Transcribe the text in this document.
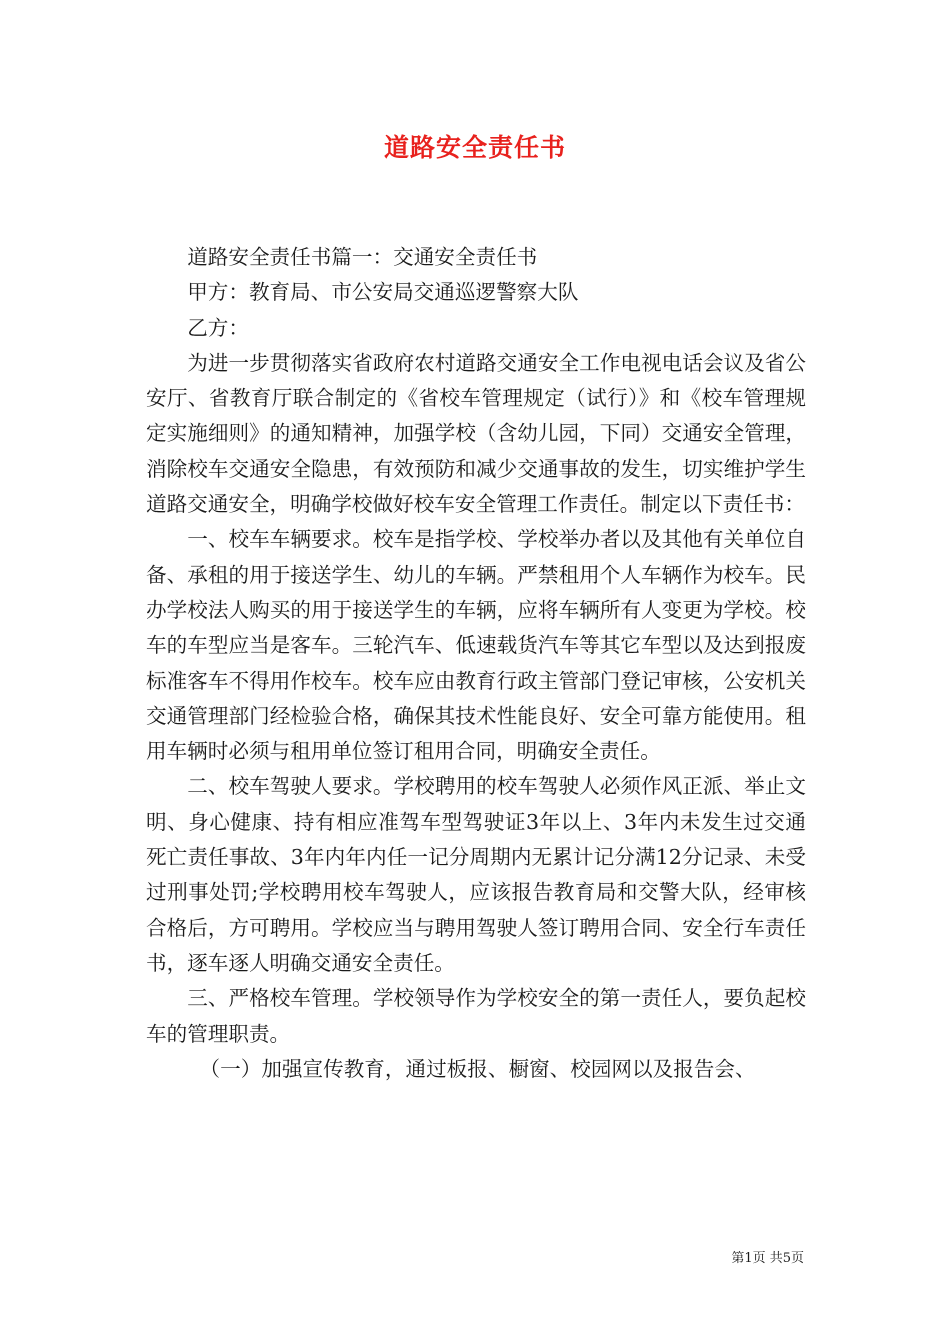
道路安全责任书

道路安全责任书篇一：交通安全责任书

甲方：教育局、市公安局交通巡逻警察大队

乙方：

为进一步贯彻落实省政府农村道路交通安全工作电视电话会议及省公安厅、省教育厅联合制定的《省校车管理规定（试行）》和《校车管理规定实施细则》的通知精神，加强学校（含幼儿园，下同）交通安全管理，消除校车交通安全隐患，有效预防和减少交通事故的发生，切实维护学生道路交通安全，明确学校做好校车安全管理工作责任。制定以下责任书：

一、校车车辆要求。校车是指学校、学校举办者以及其他有关单位自备、承租的用于接送学生、幼儿的车辆。严禁租用个人车辆作为校车。民办学校法人购买的用于接送学生的车辆，应将车辆所有人变更为学校。校车的车型应当是客车。三轮汽车、低速载货汽车等其它车型以及达到报废标准客车不得用作校车。校车应由教育行政主管部门登记审核，公安机关交通管理部门经检验合格，确保其技术性能良好、安全可靠方能使用。租用车辆时必须与租用单位签订租用合同，明确安全责任。

二、校车驾驶人要求。学校聘用的校车驾驶人必须作风正派、举止文明、身心健康、持有相应准驾车型驾驶证3年以上、3年内未发生过交通死亡责任事故、3年内年内任一记分周期内无累计记分满12分记录、未受过刑事处罚;学校聘用校车驾驶人，应该报告教育局和交警大队，经审核合格后，方可聘用。学校应当与聘用驾驶人签订聘用合同、安全行车责任书，逐车逐人明确交通安全责任。

三、严格校车管理。学校领导作为学校安全的第一责任人，要负起校车的管理职责。

（一）加强宣传教育，通过板报、橱窗、校园网以及报告会、

第1页 共5页
